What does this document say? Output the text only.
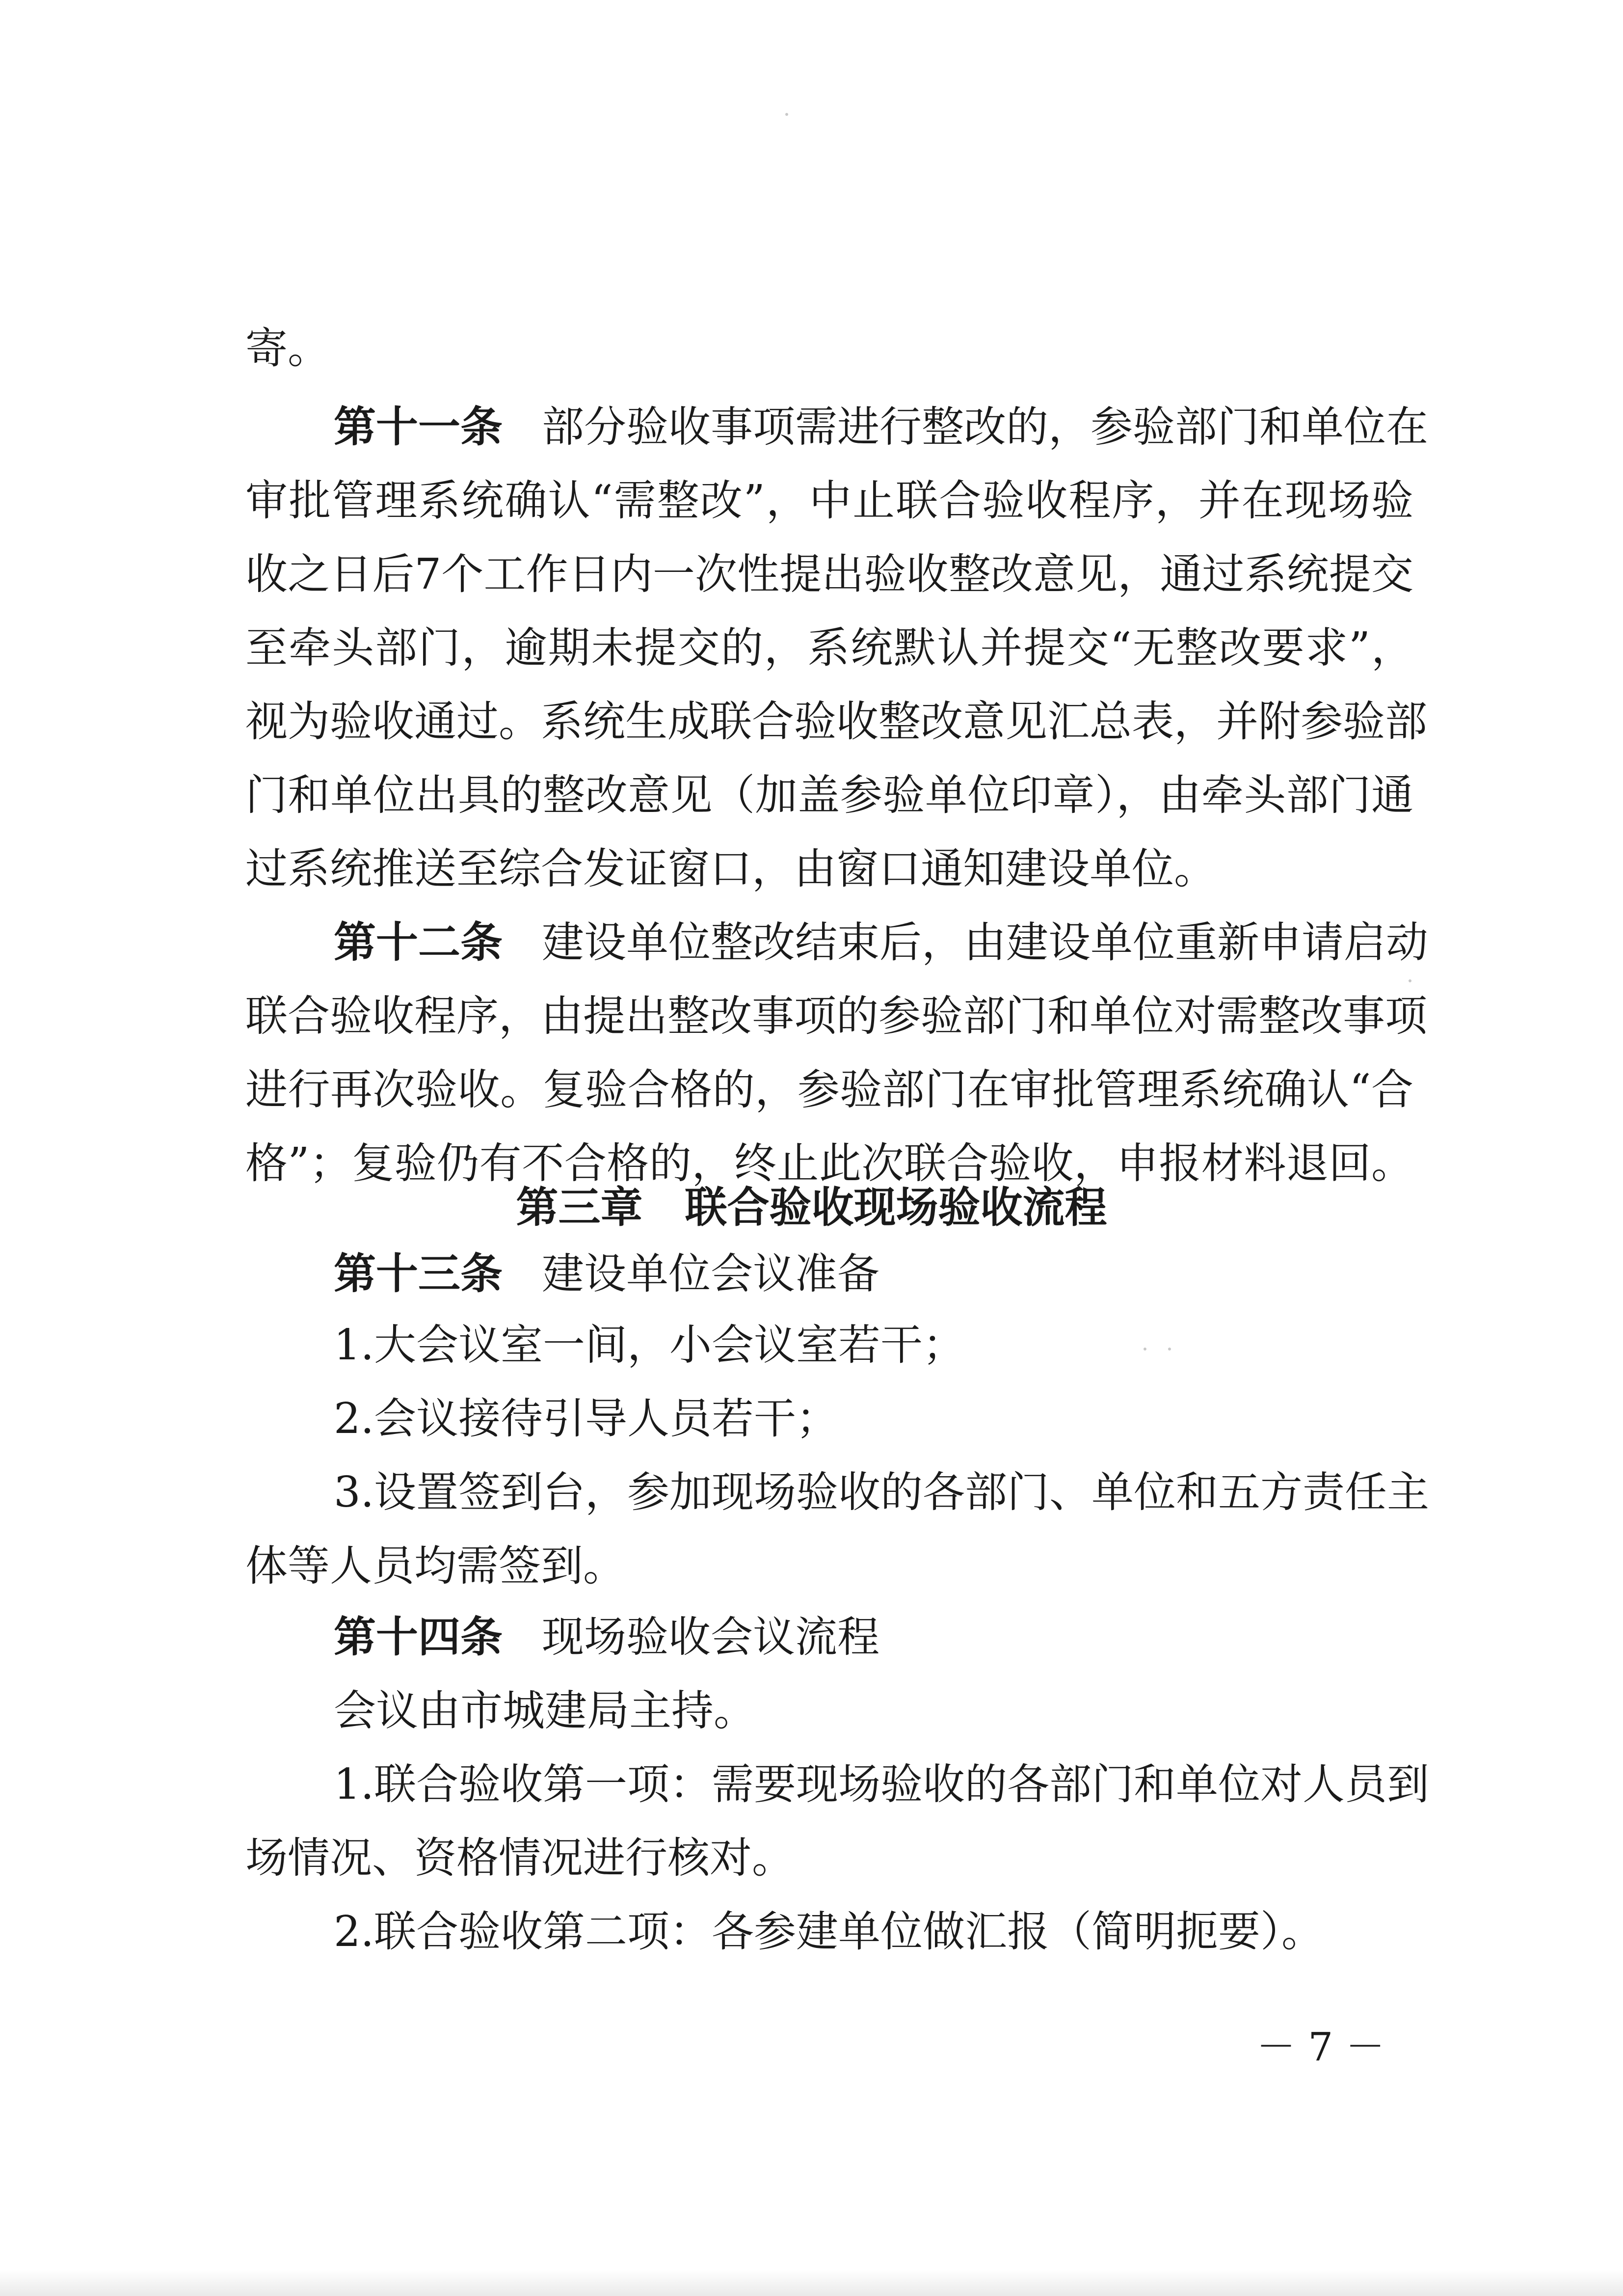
寄。
第十一条 部分验收事项需进行整改的，参验部门和单位在
审批管理系统确认“需整改”，中止联合验收程序，并在现场验
收之日后7个工作日内一次性提出验收整改意见，通过系统提交
至牵头部门，逾期未提交的，系统默认并提交“无整改要求”，
视为验收通过。系统生成联合验收整改意见汇总表，并附参验部
门和单位出具的整改意见（加盖参验单位印章），由牵头部门通
过系统推送至综合发证窗口，由窗口通知建设单位。
第十二条 建设单位整改结束后，由建设单位重新申请启动
联合验收程序，由提出整改事项的参验部门和单位对需整改事项
进行再次验收。复验合格的，参验部门在审批管理系统确认“合
格”；复验仍有不合格的，终止此次联合验收，申报材料退回。
第三章　联合验收现场验收流程
第十三条 建设单位会议准备
1.大会议室一间，小会议室若干；
2.会议接待引导人员若干；
3.设置签到台，参加现场验收的各部门、单位和五方责任主
体等人员均需签到。
第十四条 现场验收会议流程
会议由市城建局主持。
1.联合验收第一项：需要现场验收的各部门和单位对人员到
场情况、资格情况进行核对。
2.联合验收第二项：各参建单位做汇报（简明扼要）。
－ 7 －
